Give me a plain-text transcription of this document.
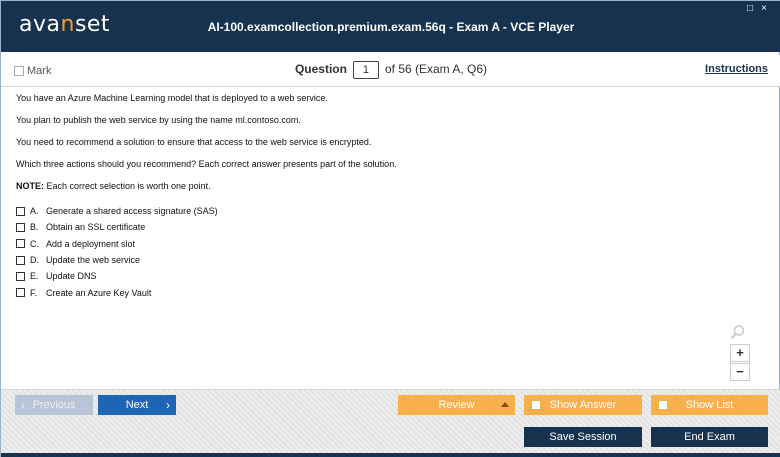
avanset	AI-100.examcollection.premium.exam.56q - Exam A - VCE Player
□ ×
Mark	Question 1 of 56 (Exam A, Q6)	Instructions

You have an Azure Machine Learning model that is deployed to a web service.

You plan to publish the web service by using the name ml.contoso.com.

You need to recommend a solution to ensure that access to the web service is encrypted.

Which three actions should you recommend? Each correct answer presents part of the solution.

NOTE: Each correct selection is worth one point.

A. Generate a shared access signature (SAS)
B. Obtain an SSL certificate
C. Add a deployment slot
D. Update the web service
E. Update DNS
F. Create an Azure Key Vault
+
−
‹ Previous	Next ›	Review	Show Answer	Show List
Save Session	End Exam
